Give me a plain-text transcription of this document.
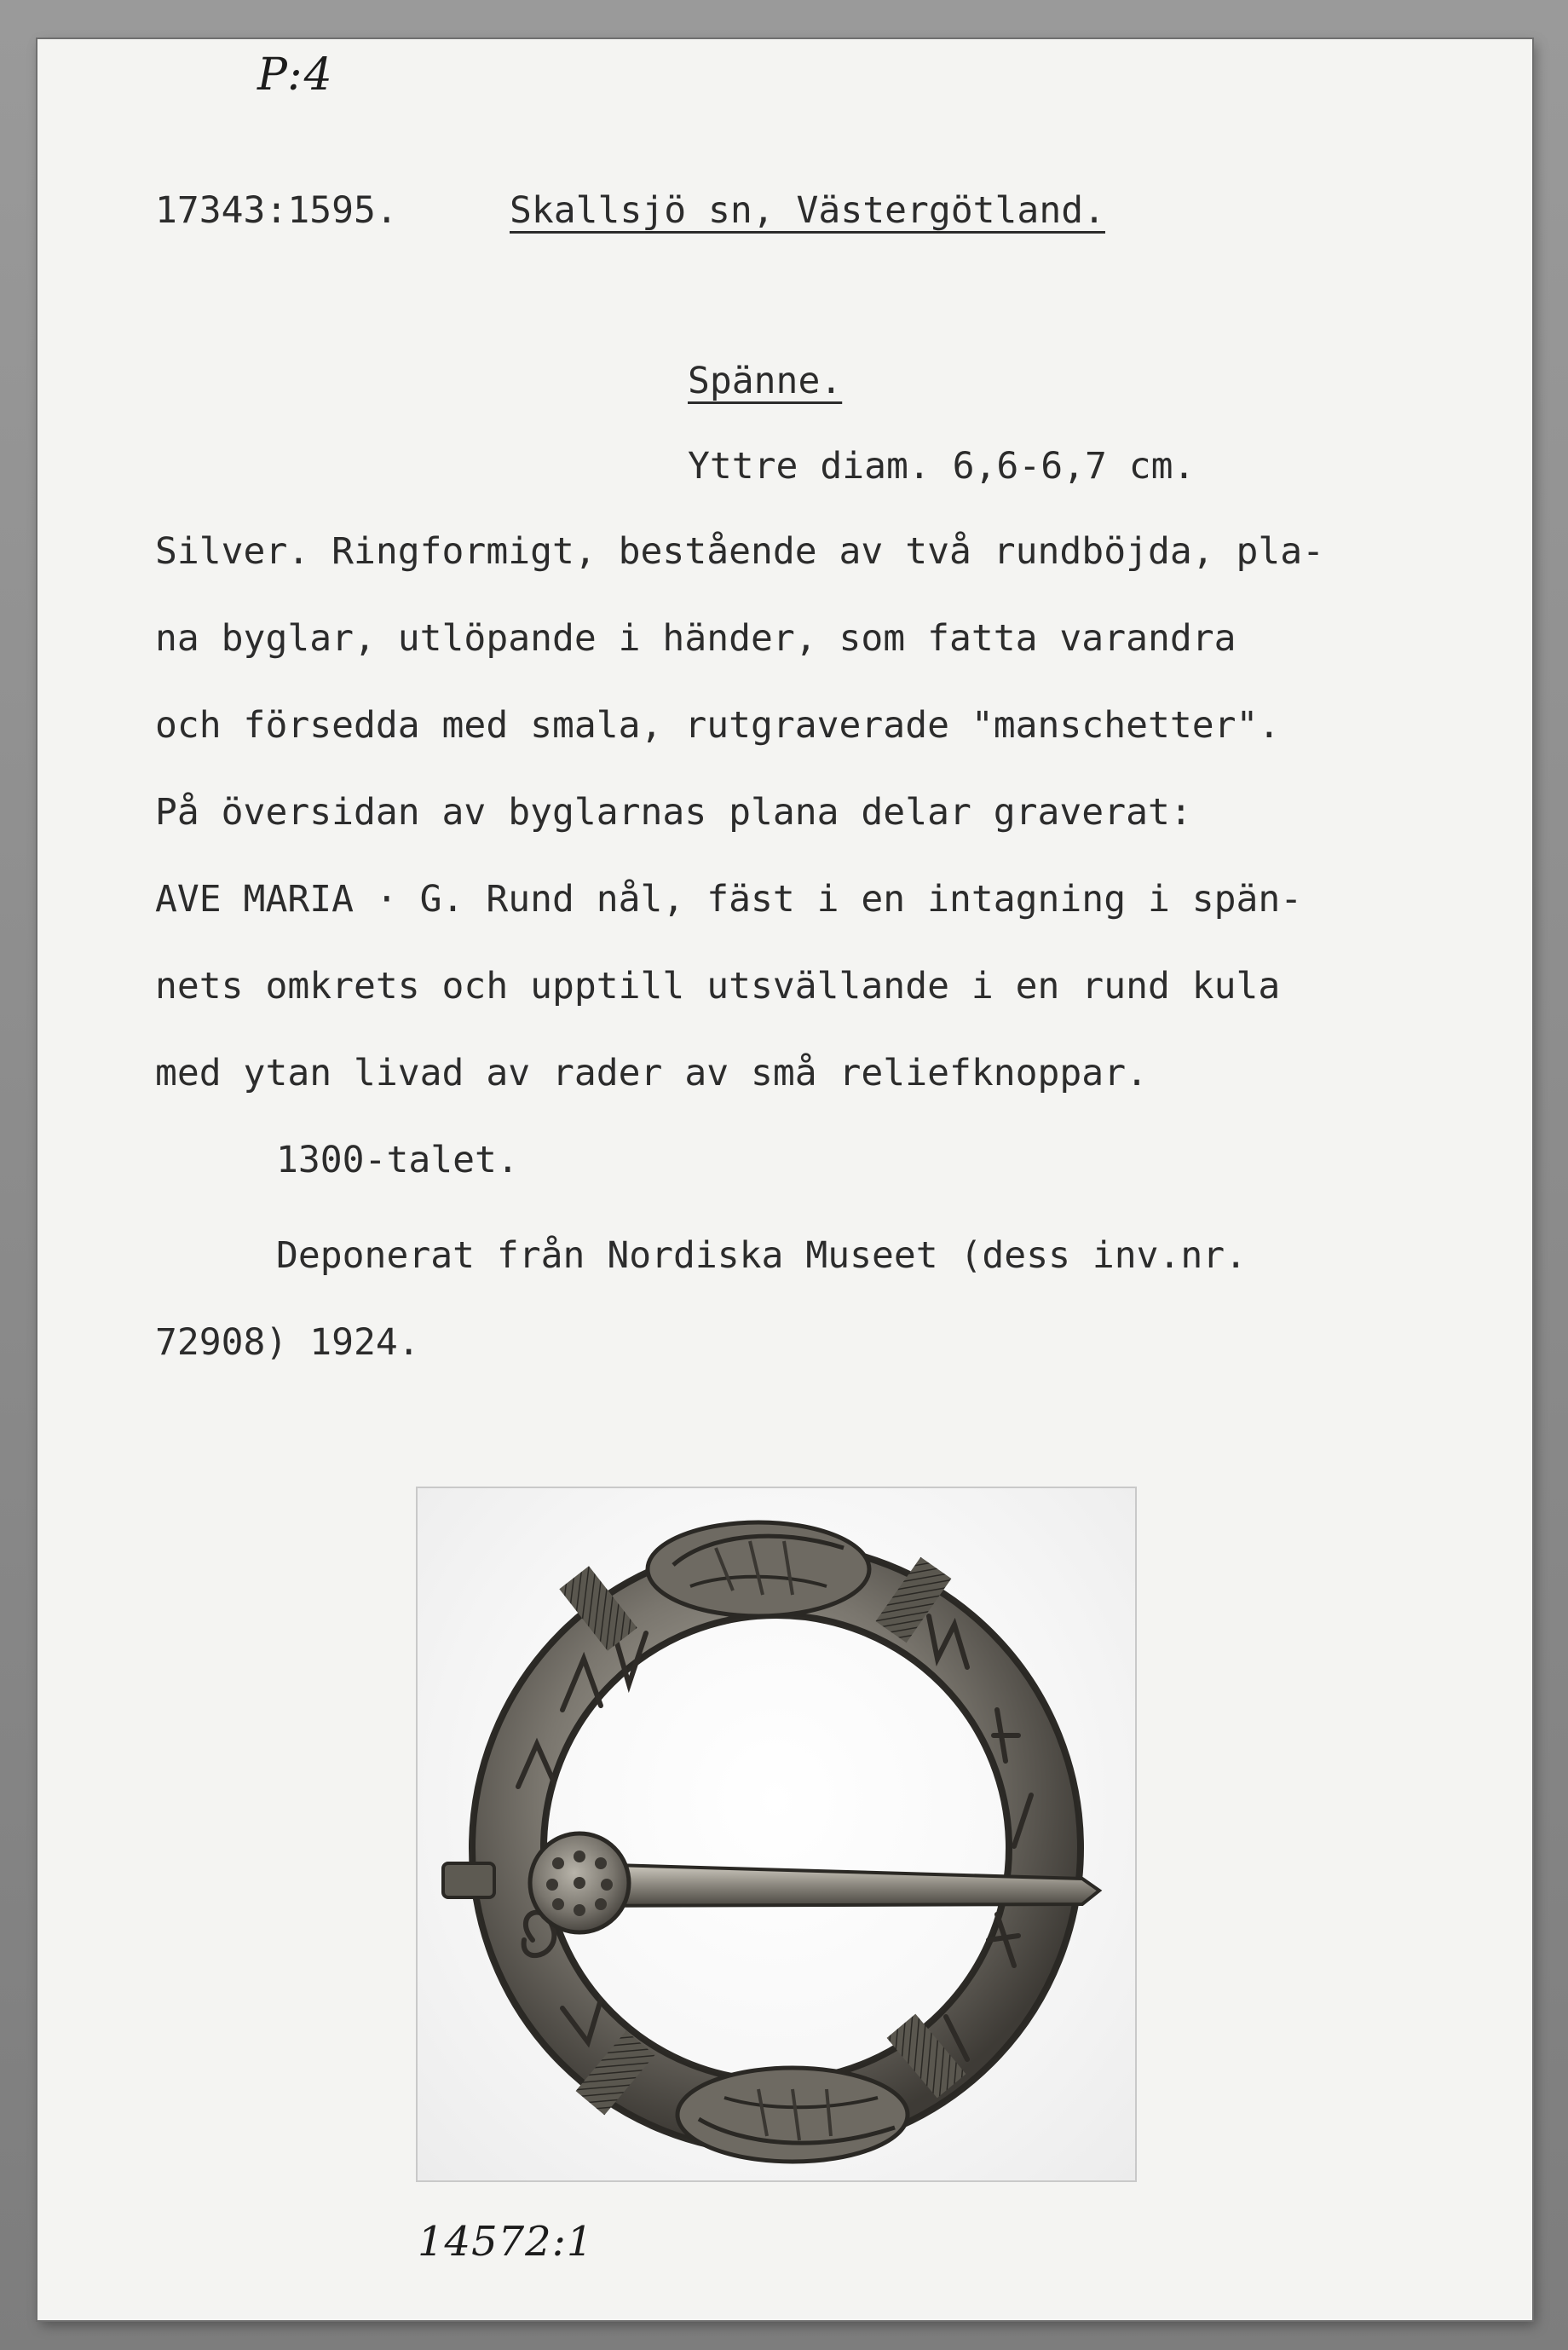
P:4
17343:1595.	Skallsjö sn, Västergötland.
Spänne.
Yttre diam. 6,6-6,7 cm.
Silver. Ringformigt, bestående av två rundböjda, pla-
na byglar, utlöpande i händer, som fatta varandra
och försedda med smala, rutgraverade "manschetter".
På översidan av byglarnas plana delar graverat:
AVE MARIA · G. Rund nål, fäst i en intagning i spän-
nets omkrets och upptill utsvällande i en rund kula
med ytan livad av rader av små reliefknoppar.
1300-talet.
Deponerat från Nordiska Museet (dess inv.nr.
72908) 1924.
14572:1
